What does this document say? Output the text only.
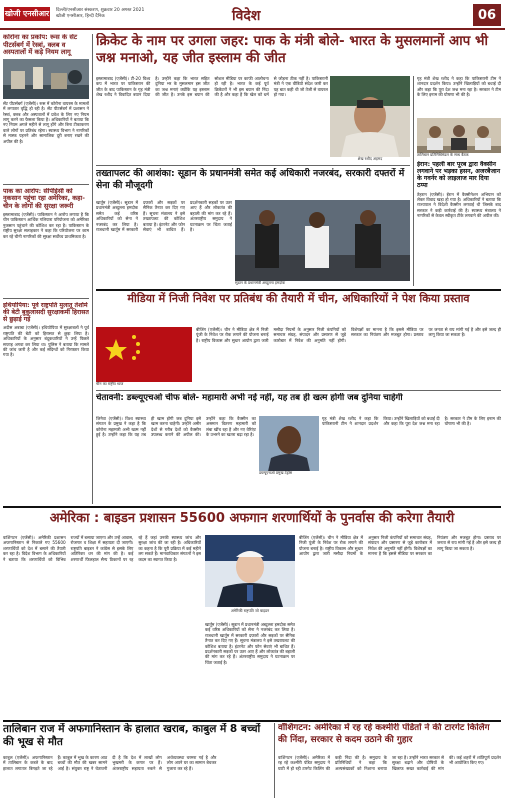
खोजी एनसीआर दिल्ली/एनसीआर संस्करण, शुक्रवार 20 अगस्त 2021
खोजी एनसीआर, हिन्दी दैनिक	विदेश	06
कोरोना का प्रकोप: रूस के सेंट पीटर्सबर्ग में रेस्त्रां, क्लब व अस्पतालों में कड़े नियम लागू
सेंट पीटर्सबर्ग (एजेंसी)। रूस में कोरोना वायरस के मामलों में लगातार वृद्धि हो रही है। सेंट पीटर्सबर्ग में प्रशासन ने रेस्त्रां, क्लब और अस्पतालों में प्रवेश के लिए नए नियम लागू करने का फैसला किया है। अधिकारियों ने बताया कि नए नियम अगले महीने से लागू होंगे और बिना टीकाकरण वाले लोगों पर प्रतिबंध रहेगा। स्वास्थ्य विभाग ने नागरिकों से मास्क पहनने और सामाजिक दूरी बनाए रखने की अपील की है।
पाक का आरोप: सीपीईसी को नुकसान पहुंचा रहा अमेरिका, कहा- चीन के लोगों की सुरक्षा जरूरी
इस्लामाबाद (एजेंसी)। पाकिस्तान ने आरोप लगाया है कि चीन पाकिस्तान आर्थिक गलियारा परियोजना को अमेरिका नुकसान पहुंचाने की कोशिश कर रहा है। पाकिस्तान के राष्ट्रीय सुरक्षा सलाहकार ने कहा कि परियोजना पर काम कर रहे चीनी नागरिकों की सुरक्षा सर्वोच्च प्राथमिकता है।
इथियोपिया: पूर्व राष्ट्रपति मुलातू तेशोमे की बेटी बुकुलासदी सुरक्षाकर्मी हिरासत से छुड़ाई गई
अदीस अबाबा (एजेंसी)। इथियोपिया में सुरक्षाबलों ने पूर्व राष्ट्रपति की बेटी को हिरासत से छुड़ा लिया है। अधिकारियों के अनुसार बंदूकधारियों ने उन्हें पिछले सप्ताह अगवा कर लिया था। पुलिस ने बताया कि मामले की जांच जारी है और कई संदिग्धों को गिरफ्तार किया गया है।
क्रिकेट के नाम पर उगला जहर: पाक के मंत्री बोले- भारत के मुसलमानों आप भी जश्न मनाओ, यह जीत इस्लाम की जीत
इस्लामाबाद (एजेंसी)। टी-20 विश्व कप में भारत पर पाकिस्तान की जीत के बाद पाकिस्तान के गृह मंत्री शेख रशीद ने विवादित बयान दिया है। उन्होंने कहा कि भारत सहित दुनिया भर के मुसलमान इस जीत का जश्न मनाएं क्योंकि यह इस्लाम की जीत है। उनके इस बयान की सोशल मीडिया पर काफी आलोचना हो रही है। भारत के कई पूर्व क्रिकेटरों ने भी इस बयान की निंदा की है और कहा है कि खेल को धर्म से जोड़ना ठीक नहीं है। पाकिस्तानी मंत्री ने एक वीडियो संदेश जारी कर यह बात कही थी जो तेजी से वायरल हो गया।
शेख रशीद अहमद
गृह मंत्री शेख रशीद ने कहा कि पाकिस्तानी टीम ने शानदार प्रदर्शन किया। उन्होंने खिलाड़ियों को बधाई दी और कहा कि पूरा देश जश्न मना रहा है। सरकार ने टीम के लिए इनाम की घोषणा भी की है।
तालिबान प्रतिनिधिमंडल के साथ बैठक
ईरान: पहली बार पूरब द्वारा वैक्सीन लगवाने पर भड़का हसन, अजरबैजान के गवर्नर को लाइलाज मार दिया ठप्पा
तेहरान (एजेंसी)। ईरान में वैक्सीनेशन अभियान को लेकर विवाद खड़ा हो गया है। अधिकारियों ने बताया कि राज्यपाल ने विदेशी वैक्सीन लगवाई थी जिसके बाद सरकार ने कड़ी कार्रवाई की है। स्वास्थ्य मंत्रालय ने नागरिकों से केवल स्वीकृत टीके लगवाने की अपील की।
तख्तापलट की आशंका: सूडान के प्रधानमंत्री समेत कई अधिकारी नजरबंद, सरकारी दफ्तरों में सेना की मौजूदगी
खार्तूम (एजेंसी)। सूडान में प्रधानमंत्री अब्दुल्ला हमदोक समेत कई वरिष्ठ अधिकारियों को सेना ने नजरबंद कर लिया है। राजधानी खार्तूम में सरकारी दफ्तरों और सड़कों पर सैनिक तैनात कर दिए गए हैं। सूचना मंत्रालय ने इसे तख्तापलट की कोशिश बताया है। इंटरनेट और फोन सेवाएं भी बाधित हैं। प्रदर्शनकारी सड़कों पर उतर आए हैं और लोकतंत्र की बहाली की मांग कर रहे हैं। अंतरराष्ट्रीय समुदाय ने घटनाक्रम पर चिंता जताई है।
सूडान के प्रधानमंत्री अब्दुल्ला हमदोक
मीडिया में निजी निवेश पर प्रतिबंध की तैयारी में चीन, अधिकारियों ने पेश किया प्रस्ताव
चीन का राष्ट्रीय ध्वज
बीजिंग (एजेंसी)। चीन ने मीडिया क्षेत्र में निजी पूंजी के निवेश पर रोक लगाने की योजना बनाई है। राष्ट्रीय विकास और सुधार आयोग द्वारा जारी मसौदा नियमों के अनुसार निजी कंपनियों को समाचार संग्रह, संपादन और प्रसारण से जुड़े कारोबार में निवेश की अनुमति नहीं होगी। विशेषज्ञों का मानना है कि इससे मीडिया पर सरकार का नियंत्रण और मजबूत होगा। प्रस्ताव पर जनता से राय मांगी गई है और इसे जल्द ही लागू किया जा सकता है।
चेतावनी: डब्ल्यूएचओ चीफ बोले- महामारी अभी नई नहीं, यह तब ही खत्म होगी जब दुनिया चाहेगी
जिनेवा (एजेंसी)। विश्व स्वास्थ्य संगठन के प्रमुख ने कहा है कि कोरोना महामारी अभी खत्म नहीं हुई है। उन्होंने कहा कि यह तब ही खत्म होगी जब दुनिया इसे खत्म करना चाहेगी। उन्होंने अमीर देशों से गरीब देशों को वैक्सीन उपलब्ध कराने की अपील की। उन्होंने कहा कि वैक्सीन का असमान वितरण महामारी को लंबा खींच रहा है और नए वेरिएंट के उभरने का खतरा बढ़ा रहा है।
डब्ल्यूएचओ प्रमुख टेड्रोस
गृह मंत्री शेख रशीद ने कहा कि पाकिस्तानी टीम ने शानदार प्रदर्शन किया। उन्होंने खिलाड़ियों को बधाई दी और कहा कि पूरा देश जश्न मना रहा है। सरकार ने टीम के लिए इनाम की घोषणा भी की है।
अमेरिका : बाइडन प्रशासन 55600 अफगान शरणार्थियों के पुनर्वास की करेगा तैयारी
वाशिंगटन (एजेंसी)। अमेरिकी प्रशासन अफगानिस्तान से निकाले गए 55600 शरणार्थियों को देश में बसाने की तैयारी कर रहा है। विदेश विभाग के अधिकारियों ने बताया कि शरणार्थियों को विभिन्न राज्यों में बसाया जाएगा और उन्हें आवास, रोजगार व शिक्षा में सहायता दी जाएगी। राष्ट्रपति बाइडन ने कांग्रेस से इसके लिए अतिरिक्त धन की मांग की है। कई शरणार्थी फिलहाल सैन्य ठिकानों पर रह रहे हैं जहां उनकी स्वास्थ्य जांच और सुरक्षा जांच की जा रही है। अधिकारियों का कहना है कि पूरी प्रक्रिया में कई महीने लग सकते हैं। मानवाधिकार संगठनों ने इस कदम का स्वागत किया है।
अमेरिकी राष्ट्रपति जो बाइडन
बीजिंग (एजेंसी)। चीन ने मीडिया क्षेत्र में निजी पूंजी के निवेश पर रोक लगाने की योजना बनाई है। राष्ट्रीय विकास और सुधार आयोग द्वारा जारी मसौदा नियमों के अनुसार निजी कंपनियों को समाचार संग्रह, संपादन और प्रसारण से जुड़े कारोबार में निवेश की अनुमति नहीं होगी। विशेषज्ञों का मानना है कि इससे मीडिया पर सरकार का नियंत्रण और मजबूत होगा। प्रस्ताव पर जनता से राय मांगी गई है और इसे जल्द ही लागू किया जा सकता है।
खार्तूम (एजेंसी)। सूडान में प्रधानमंत्री अब्दुल्ला हमदोक समेत कई वरिष्ठ अधिकारियों को सेना ने नजरबंद कर लिया है। राजधानी खार्तूम में सरकारी दफ्तरों और सड़कों पर सैनिक तैनात कर दिए गए हैं। सूचना मंत्रालय ने इसे तख्तापलट की कोशिश बताया है। इंटरनेट और फोन सेवाएं भी बाधित हैं। प्रदर्शनकारी सड़कों पर उतर आए हैं और लोकतंत्र की बहाली की मांग कर रहे हैं। अंतरराष्ट्रीय समुदाय ने घटनाक्रम पर चिंता जताई है।
तालिबान राज में अफगानिस्तान के हालात खराब, काबुल में 8 बच्चों की भूख से मौत
काबुल (एजेंसी)। अफगानिस्तान में तालिबान के कब्जे के बाद हालात लगातार बिगड़ते जा रहे हैं। काबुल में भूख के कारण आठ बच्चों की मौत की खबर सामने आई है। संयुक्त राष्ट्र ने चेतावनी दी है कि देश में लाखों लोग भुखमरी के कगार पर हैं। अंतरराष्ट्रीय सहायता रुकने से अर्थव्यवस्था चरमरा गई है और लोग अपने घर का सामान बेचकर गुजारा कर रहे हैं।
वॉशिंगटन: अमेरिका में रह रहे कश्मीरी पंडितों ने की टारगेट किलिंग की निंदा, सरकार से कदम उठाने की गुहार
वाशिंगटन (एजेंसी)। अमेरिका में रह रहे कश्मीरी पंडित समुदाय ने घाटी में हो रही टारगेट किलिंग की कड़ी निंदा की है। समुदाय के प्रतिनिधियों ने कहा कि अल्पसंख्यकों को निशाना बनाया जा रहा है। उन्होंने भारत सरकार से सुरक्षा बढ़ाने और दोषियों के खिलाफ सख्त कार्रवाई की मांग की। कई शहरों में शांतिपूर्ण प्रदर्शन भी आयोजित किए गए।
